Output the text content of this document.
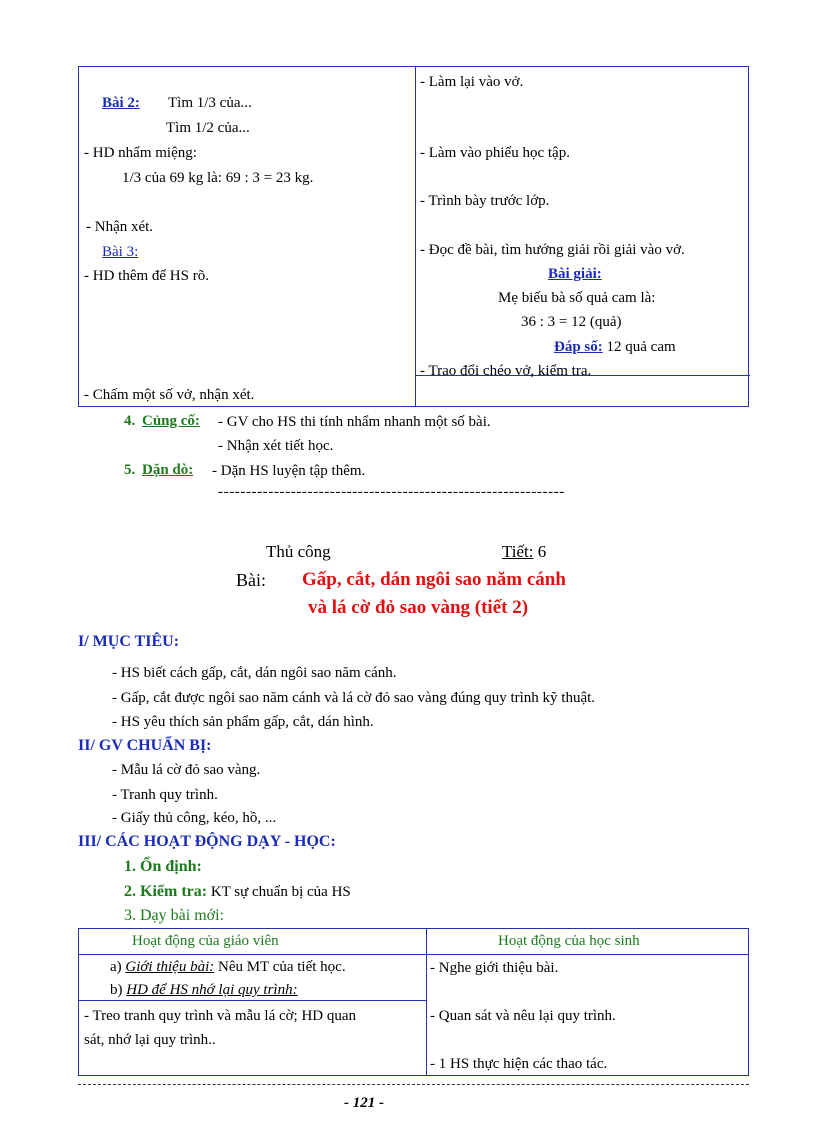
Bài 2: Tìm 1/3 của...
Tìm 1/2 của...
- HD nhẩm miệng:
1/3 của 69 kg là: 69 : 3 = 23 kg.
- Nhận xét.
Bài 3:
- HD thêm để HS rõ.
- Chấm một số vở, nhận xét.
- Làm lại vào vở.
- Làm vào phiếu học tập.
- Trình bày trước lớp.
- Đọc đề bài, tìm hướng giải rồi giải vào vở.
Bài giải:
Mẹ biếu bà số quả cam là:
36 : 3 = 12 (quả)
Đáp số: 12 quả cam
- Trao đổi chéo vở, kiểm tra.
4. Củng cố: - GV cho HS thi tính nhẩm nhanh một số bài.
- Nhận xét tiết học.
5. Dặn dò: - Dặn HS luyện tập thêm.
--------------------------------------------------------------
Thủ công	Tiết: 6
Bài: Gấp, cắt, dán ngôi sao năm cánh
và lá cờ đỏ sao vàng (tiết 2)
I/ MỤC TIÊU:
- HS biết cách gấp, cắt, dán ngôi sao năm cánh.
- Gấp, cắt được ngôi sao năm cánh và lá cờ đỏ sao vàng đúng quy trình kỹ thuật.
- HS yêu thích sản phẩm gấp, cắt, dán hình.
II/ GV CHUẨN BỊ:
- Mẫu lá cờ đỏ sao vàng.
- Tranh quy trình.
- Giấy thủ công, kéo, hồ, ...
III/ CÁC HOẠT ĐỘNG DẠY - HỌC:
1. Ổn định:
2. Kiểm tra: KT sự chuẩn bị của HS
3. Dạy bài mới:
Hoạt động của giáo viên	Hoạt động của học sinh
a) Giới thiệu bài: Nêu MT của tiết học.
b) HD để HS nhớ lại quy trình:
- Treo tranh quy trình và mẫu lá cờ; HD quan
sát, nhớ lại quy trình..
- Nghe giới thiệu bài.
- Quan sát và nêu lại quy trình.
- 1 HS thực hiện các thao tác.
- 121 -
